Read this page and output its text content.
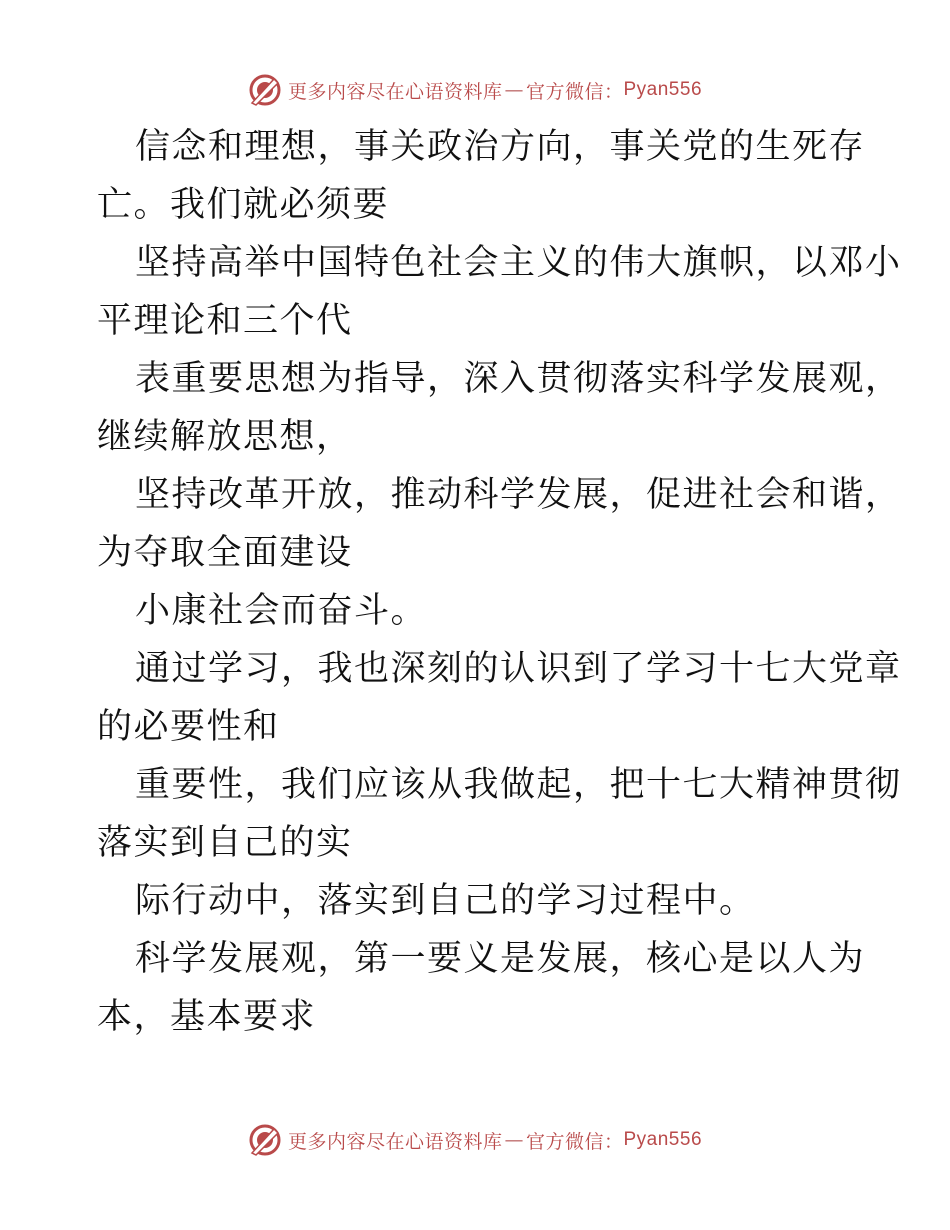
更多内容尽在心语资料库 — 官方微信： Pyan556
信念和理想，事关政治方向，事关党的生死存
亡。我们就必须要
坚持高举中国特色社会主义的伟大旗帜，以邓小
平理论和三个代
表重要思想为指导，深入贯彻落实科学发展观，
继续解放思想，
坚持改革开放，推动科学发展，促进社会和谐，
为夺取全面建设
小康社会而奋斗。
通过学习，我也深刻的认识到了学习十七大党章
的必要性和
重要性，我们应该从我做起，把十七大精神贯彻
落实到自己的实
际行动中，落实到自己的学习过程中。
科学发展观，第一要义是发展，核心是以人为
本，基本要求
更多内容尽在心语资料库 — 官方微信： Pyan556
